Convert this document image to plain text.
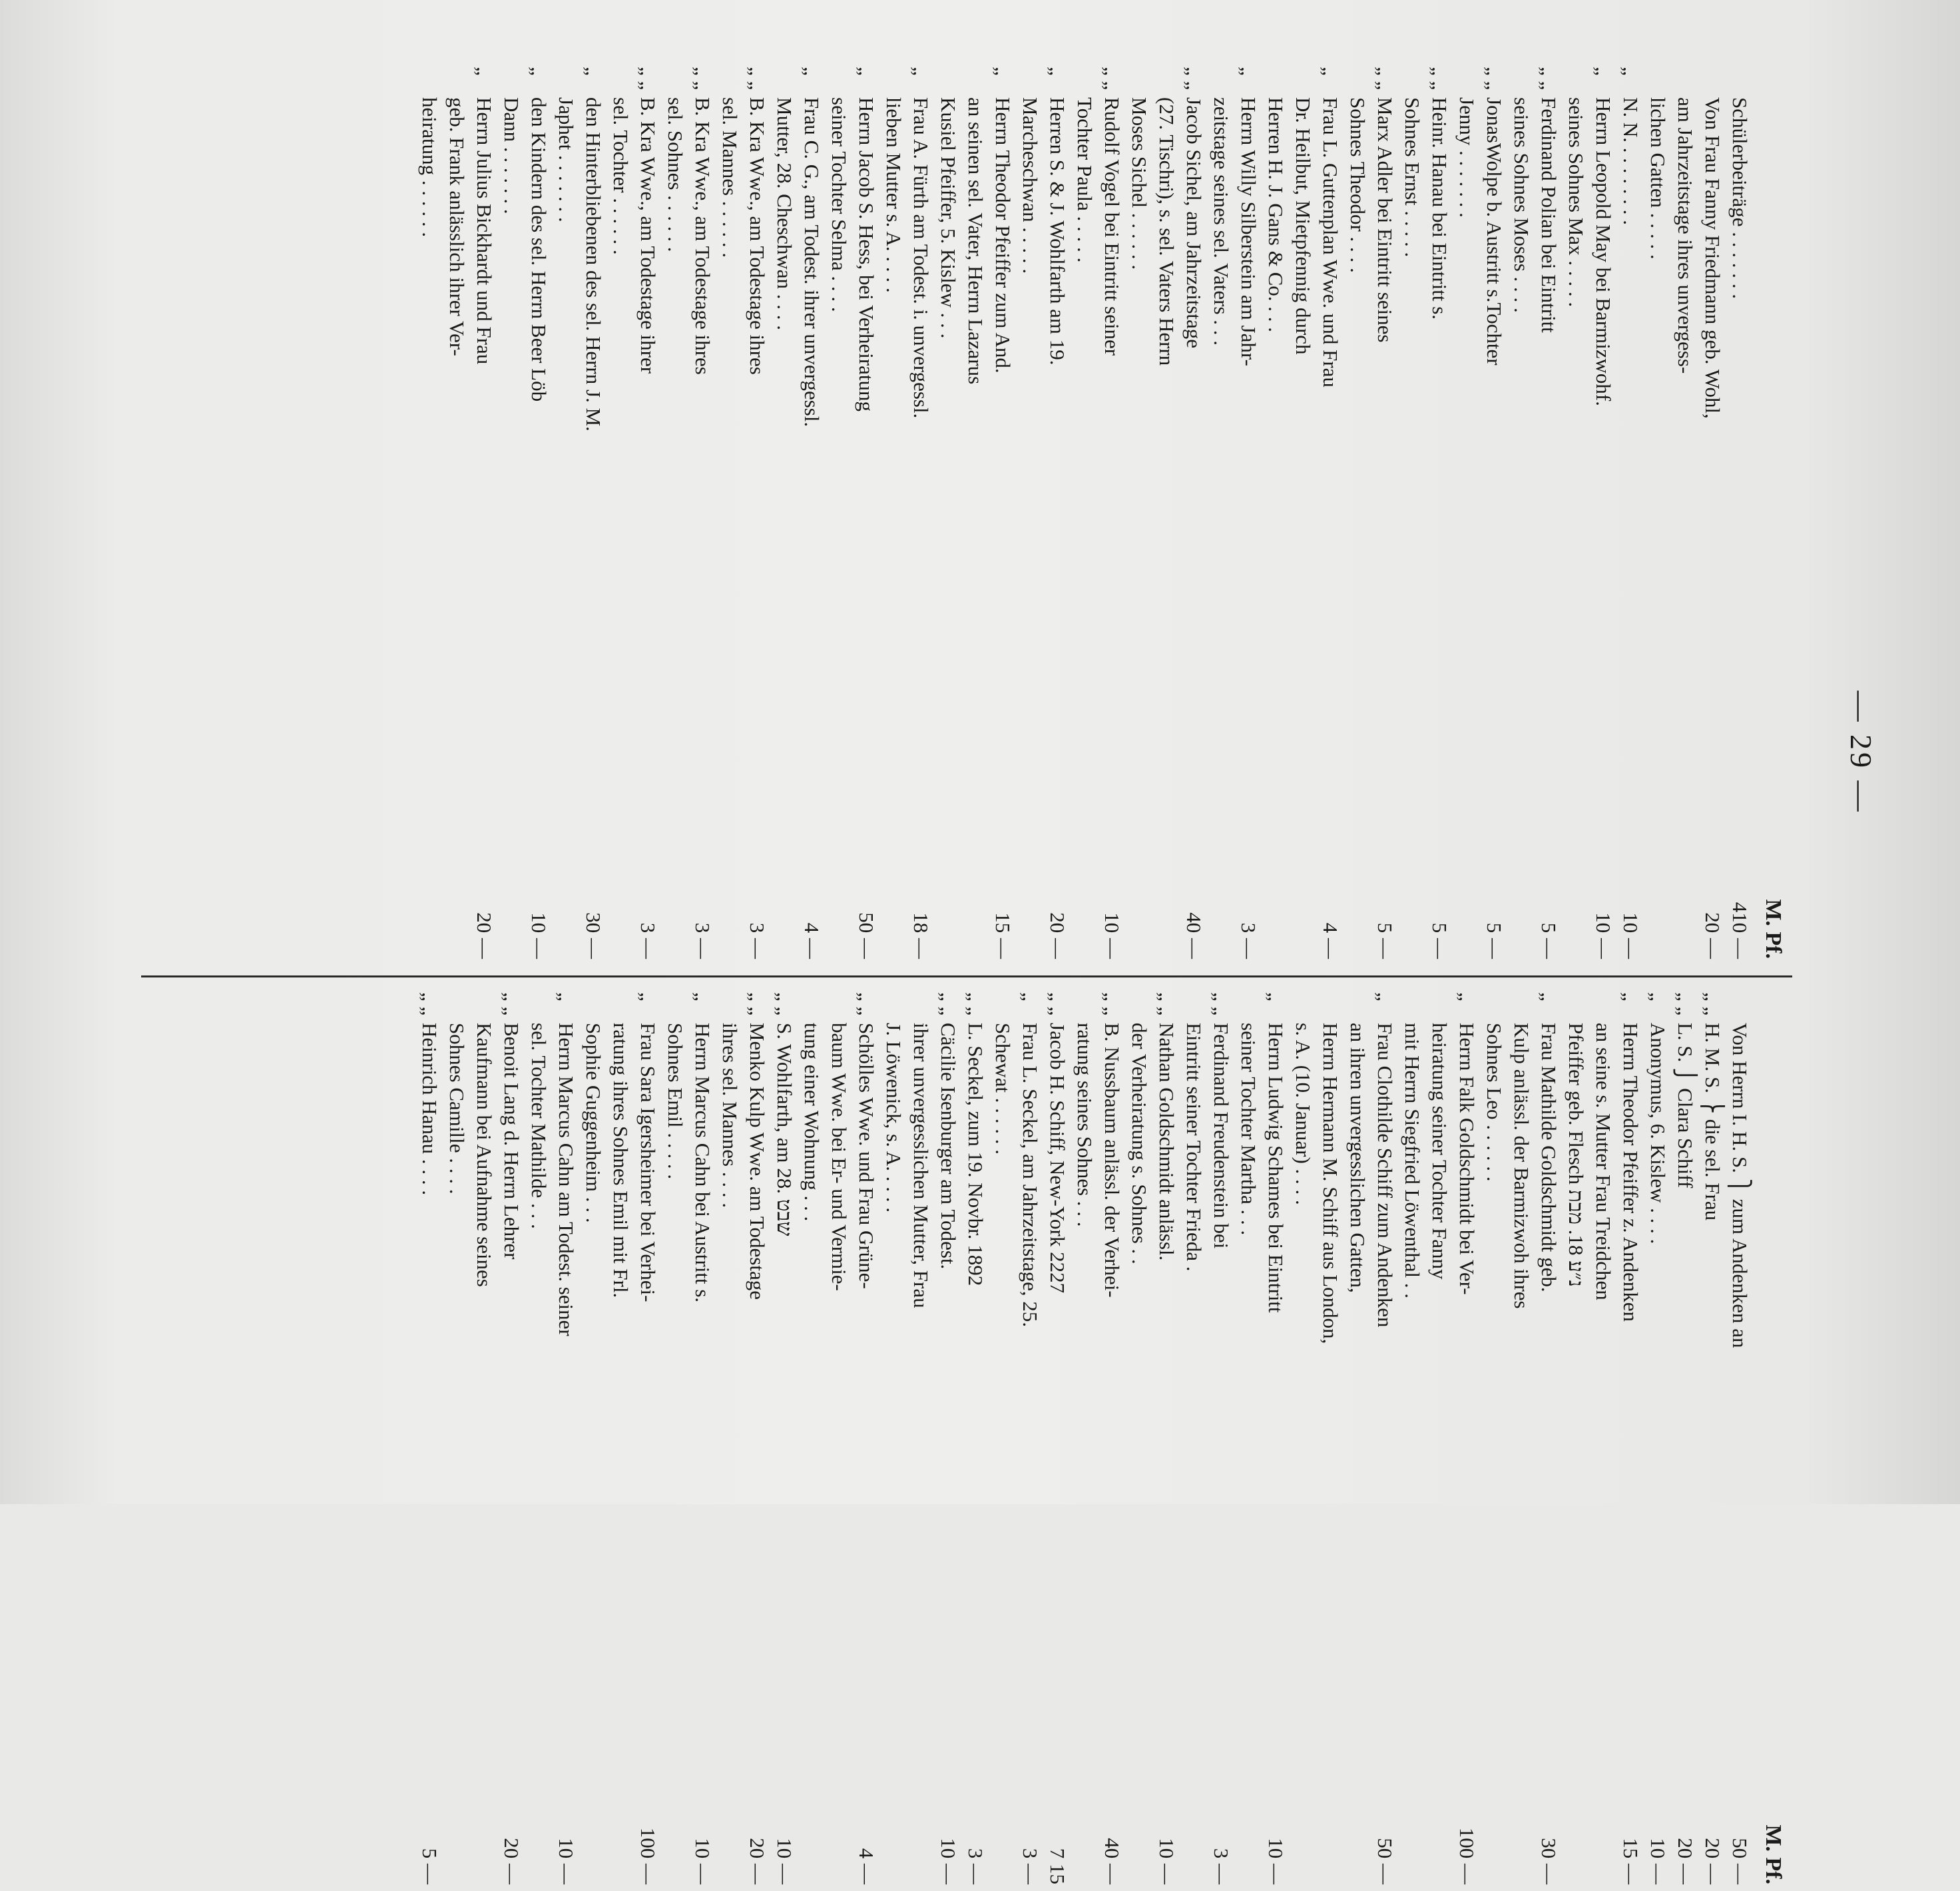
— 29 —
M. Pf.
Schülerbeiträge . . . . . . .
410 —
Von Frau Fanny Friedmann geb. Wohl,
am Jahrzeitstage ihres unvergess-
lichen Gatten . . . . .
20 —
„
N. N. . . . . . . . .
10 —
„
Herrn Leopold May bei Barmizwohf.
seines Sohnes Max . . . . .
10 —
„ „
Ferdinand Polian bei Eintritt
seines Sohnes Moses . . . .
5 —
„ „
JonasWolpe b. Austritt s.Tochter
Jenny . . . . . . .
5 —
„ „
Heinr. Hanau bei Eintritt s.
Sohnes Ernst . . . . .
5 —
„ „
Marx Adler bei Eintritt seines
Sohnes Theodor . . . .
5 —
„
Frau L. Guttenplan Wwe. und Frau
Dr. Heilbut, Mietpfennig durch
Herren H. J. Gans & Co. . . .
4 —
„
Herrn Willy Silberstein am Jahr-
zeitstage seines sel. Vaters . . .
3 —
„ „
Jacob Sichel, am Jahrzeitstage
(27. Tischri), s. sel. Vaters Herrn
Moses Sichel . . . . . .
40 —
„ „
Rudolf Vogel bei Eintritt seiner
Tochter Paula . . . . .
10 —
„
Herren S. & J. Wohlfarth am 19.
Marcheschwan . . . . .
20 —
„
Herrn Theodor Pfeiffer zum And.
an seinen sel. Vater, Herrn Lazarus
Kusiel Pfeiffer, 5. Kislew . . .
15 —
„
Frau A. Fürth am Todest. i. unvergessl.
lieben Mutter s. A. . . . .
18 —
„
Herrn Jacob S. Hess, bei Verheiratung
seiner Tochter Selma . . . .
50 —
„
Frau C. G., am Todest. ihrer unvergessl.
Mutter, 28. Cheschwan . . . .
4 —
„ „
B. Kra Wwe., am Todestage ihres
sel. Mannes . . . . . .
3 —
„ „
B. Kra Wwe., am Todestage ihres
sel. Sohnes . . . . . .
3 —
„ „
B. Kra Wwe., am Todestage ihrer
sel. Tochter . . . . . .
3 —
„
den Hinterbliebenen des sel. Herrn J. M.
Japhet . . . . . . .
30 —
„
den Kindern des sel. Herrn Beer Löb
Dann . . . . . . .
10 —
„
Herrn Julius Bickhardt und Frau
geb. Frank anlässlich ihrer Ver-
heiratung . . . . . .
20 —
M. Pf.
Von Herrn I. H. S. ⎫ zum Andenken an
50 —
„ „
H. M. S. ⎬ die sel. Frau
20 —
„ „
L. S. ⎭ Clara Schiff
20 —
„
Anonymus, 6. Kislew . . . .
10 —
„
Herrn Theodor Pfeiffer z. Andenken
an seine s. Mutter Frau Treidchen
Pfeiffer geb. Flesch נ״ע 18. מבת
15 —
„
Frau Mathilde Goldschmidt geb.
Kulp anlässl. der Barmizwoh ihres
Sohnes Leo . . . . . .
30 —
„
Herrn Falk Goldschmidt bei Ver-
heiratung seiner Tochter Fanny
mit Herrn Siegfried Löwenthal . .
100 —
„
Frau Clothilde Schiff zum Andenken
an ihren unvergesslichen Gatten,
Herrn Hermann M. Schiff aus London,
s. A. (10. Januar) . . . .
50 —
„
Herrn Ludwig Schames bei Eintritt
seiner Tochter Martha . . .
10 —
„ „
Ferdinand Freudenstein bei
Eintritt seiner Tochter Frieda .
3 —
„ „
Nathan Goldschmidt anlässl.
der Verheiratung s. Sohnes . .
10 —
„ „
B. Nussbaum anlässl. der Verhei-
ratung seines Sohnes . . .
40 —
„ „
Jacob H. Schiff, New-York 2227
7 15
„
Frau L. Seckel, am Jahrzeitstage, 25.
Schewat . . . . . .
3 —
„ „
L. Seckel, zum 19. Novbr. 1892
3 —
„ „
Cäcilie Isenburger am Todest.
ihrer unvergesslichen Mutter, Frau
J. Löwenick, s. A. . . . .
10 —
„ „
Schölles Wwe. und Frau Grüne-
baum Wwe. bei Er- und Vermie-
tung einer Wohnung . . .
4 —
„ „
S. Wohlfarth, am 28. שבט
10 —
„ „
Menko Kulp Wwe. am Todestage
ihres sel. Mannes . . . .
20 —
„
Herrn Marcus Cahn bei Austritt s.
Sohnes Emil . . . . .
10 —
„
Frau Sara Igersheimer bei Verhei-
ratung ihres Sohnes Emil mit Frl.
Sophie Guggenheim . . .
100 —
„
Herrn Marcus Cahn am Todest. seiner
sel. Tochter Mathilde . . .
10 —
„ „
Benoit Lang d. Herrn Lehrer
Kaufmann bei Aufnahme seines
Sohnes Camille . . . .
20 —
„ „
Heinrich Hanau . . . .
5 —
